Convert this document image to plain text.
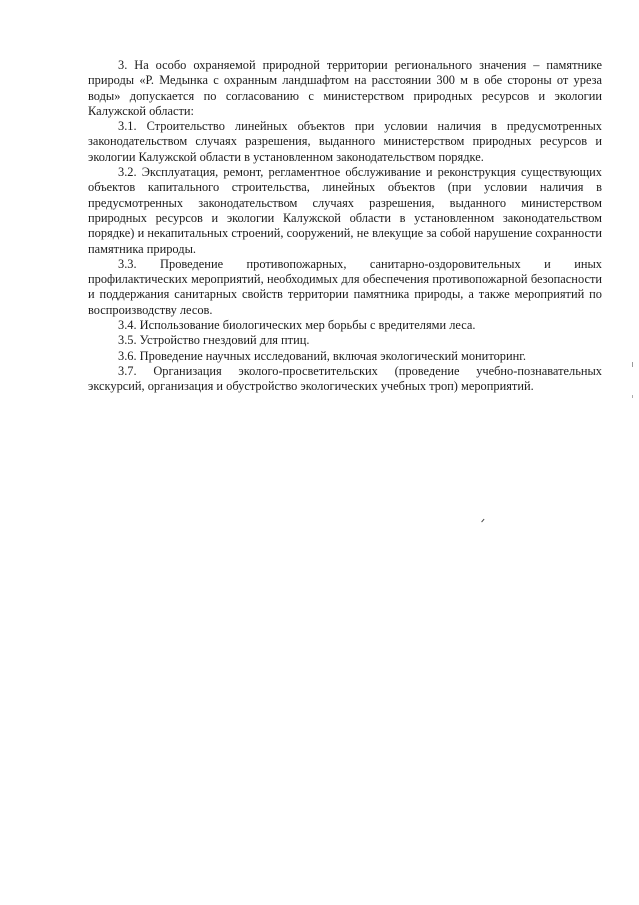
3. На особо охраняемой природной территории регионального значения – памятнике природы «Р. Медынка с охранным ландшафтом на расстоянии 300 м в обе стороны от уреза воды» допускается по согласованию с министерством природных ресурсов и экологии Калужской области:

3.1. Строительство линейных объектов при условии наличия в предусмотренных законодательством случаях разрешения, выданного министерством природных ресурсов и экологии Калужской области в установленном законодательством порядке.

3.2. Эксплуатация, ремонт, регламентное обслуживание и реконструкция существующих объектов капитального строительства, линейных объектов (при условии наличия в предусмотренных законодательством случаях разрешения, выданного министерством природных ресурсов и экологии Калужской области в установленном законодательством порядке) и некапитальных строений, сооружений, не влекущие за собой нарушение сохранности памятника природы.

3.3. Проведение противопожарных, санитарно-оздоровительных и иных профилактических мероприятий, необходимых для обеспечения противопожарной безопасности и поддержания санитарных свойств территории памятника природы, а также мероприятий по воспроизводству лесов.

3.4. Использование биологических мер борьбы с вредителями леса.

3.5. Устройство гнездовий для птиц.

3.6. Проведение научных исследований, включая экологический мониторинг.

3.7. Организация эколого-просветительских (проведение учебно-познавательных экскурсий, организация и обустройство экологических учебных троп) мероприятий.
